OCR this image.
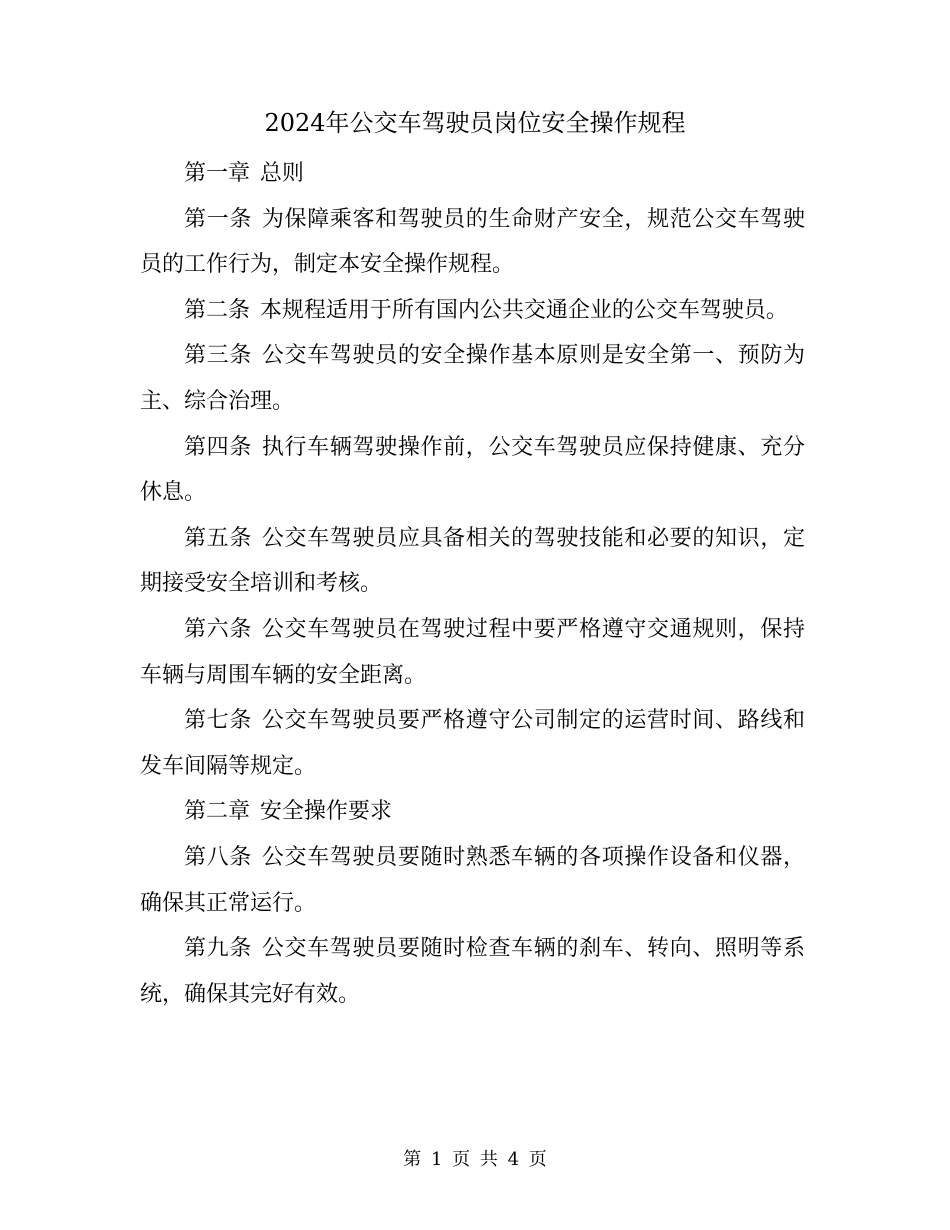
2024年公交车驾驶员岗位安全操作规程

第一章 总则

第一条 为保障乘客和驾驶员的生命财产安全，规范公交车驾驶员的工作行为，制定本安全操作规程。

第二条 本规程适用于所有国内公共交通企业的公交车驾驶员。

第三条 公交车驾驶员的安全操作基本原则是安全第一、预防为主、综合治理。

第四条 执行车辆驾驶操作前，公交车驾驶员应保持健康、充分休息。

第五条 公交车驾驶员应具备相关的驾驶技能和必要的知识，定期接受安全培训和考核。

第六条 公交车驾驶员在驾驶过程中要严格遵守交通规则，保持车辆与周围车辆的安全距离。

第七条 公交车驾驶员要严格遵守公司制定的运营时间、路线和发车间隔等规定。

第二章 安全操作要求

第八条 公交车驾驶员要随时熟悉车辆的各项操作设备和仪器，确保其正常运行。

第九条 公交车驾驶员要随时检查车辆的刹车、转向、照明等系统，确保其完好有效。

第 1 页 共 4 页
